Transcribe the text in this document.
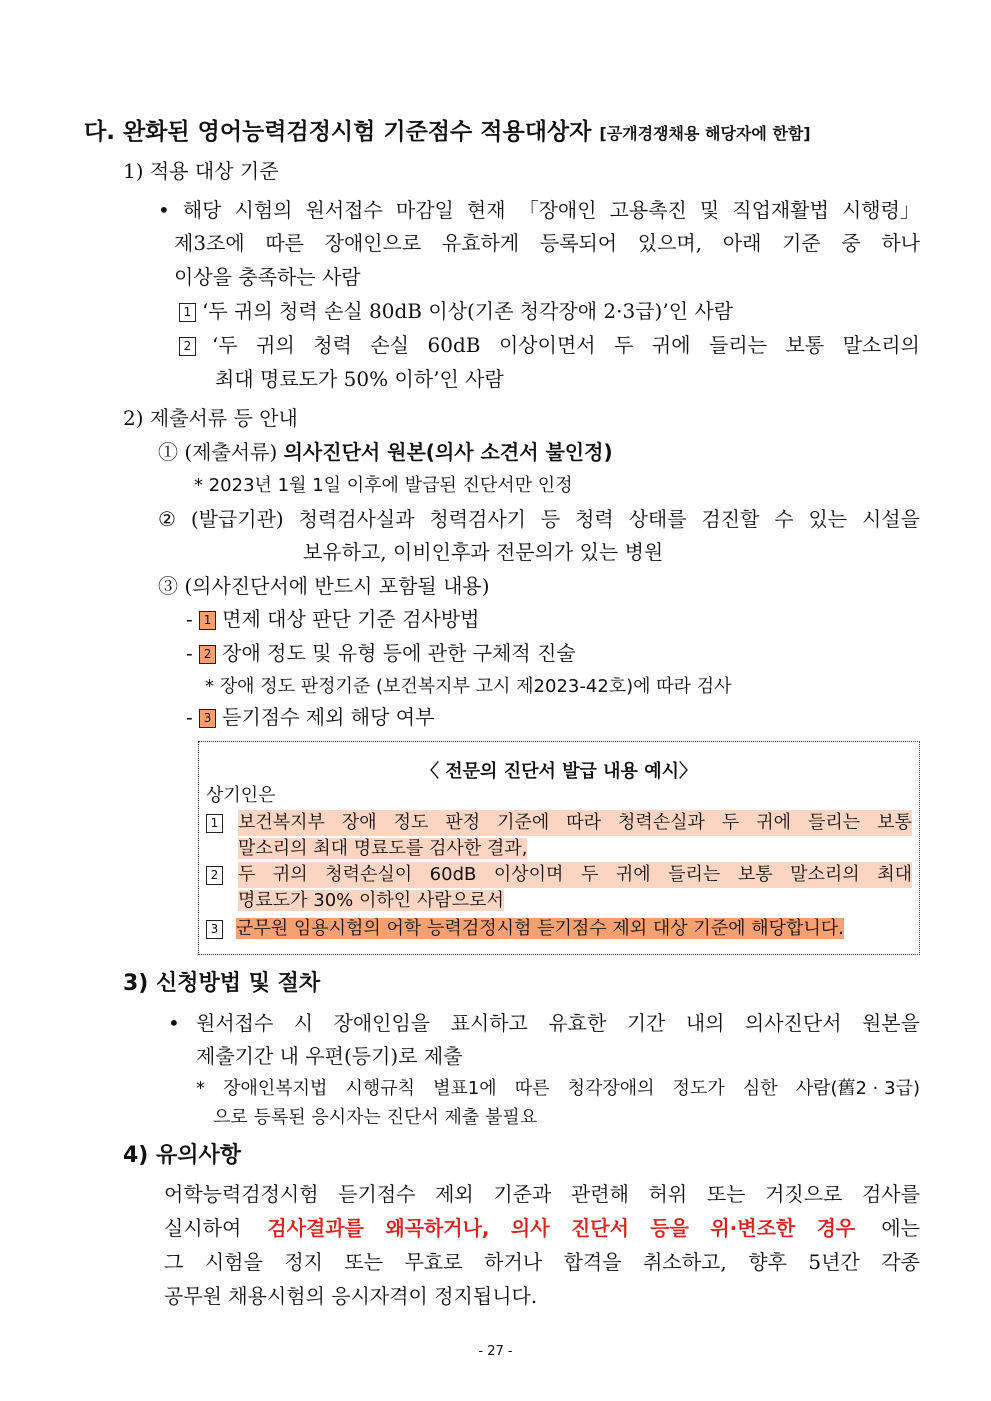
다. 완화된 영어능력검정시험 기준점수 적용대상자 [공개경쟁채용 해당자에 한함]
1) 적용 대상 기준
• 해당 시험의 원서접수 마감일 현재 「장애인 고용촉진 및 직업재활법 시행령」
제3조에 따른 장애인으로 유효하게 등록되어 있으며, 아래 기준 중 하나
이상을 충족하는 사람
1 ‘두 귀의 청력 손실 80dB 이상(기존 청각장애 2·3급)’인 사람
2	‘두 귀의 청력 손실 60dB 이상이면서 두 귀에 들리는 보통 말소리의
최대 명료도가 50% 이하’인 사람
2) 제출서류 등 안내
① (제출서류) 의사진단서 원본(의사 소견서 불인정)
* 2023년 1월 1일 이후에 발급된 진단서만 인정
② (발급기관) 청력검사실과 청력검사기 등 청력 상태를 검진할 수 있는 시설을
보유하고, 이비인후과 전문의가 있는 병원
③ (의사진단서에 반드시 포함될 내용)
- 1 면제 대상 판단 기준 검사방법
- 2 장애 정도 및 유형 등에 관한 구체적 진술
* 장애 정도 판정기준 (보건복지부 고시 제2023-42호)에 따라 검사
- 3 듣기점수 제외 해당 여부
〈 전문의 진단서 발급 내용 예시〉
상기인은
1	보건복지부 장애 정도 판정 기준에 따라 청력손실과 두 귀에 들리는 보통
말소리의 최대 명료도를 검사한 결과,
2	두 귀의 청력손실이 60dB 이상이며 두 귀에 들리는 보통 말소리의 최대
명료도가 30% 이하인 사람으로서
3 군무원 임용시험의 어학 능력검정시험 듣기점수 제외 대상 기준에 해당합니다.
3) 신청방법 및 절차
• 원서접수 시 장애인임을 표시하고 유효한 기간 내의 의사진단서 원본을
제출기간 내 우편(등기)로 제출
* 장애인복지법 시행규칙 별표1에 따른 청각장애의 정도가 심한 사람(舊2 · 3급)
으로 등록된 응시자는 진단서 제출 불필요
4) 유의사항
어학능력검정시험 듣기점수 제외 기준과 관련해 허위 또는 거짓으로 검사를
실시하여 검사결과를 왜곡하거나, 의사 진단서 등을 위·변조한 경우 에는
그 시험을 정지 또는 무효로 하거나 합격을 취소하고, 향후 5년간 각종
공무원 채용시험의 응시자격이 정지됩니다.
- 27 -
